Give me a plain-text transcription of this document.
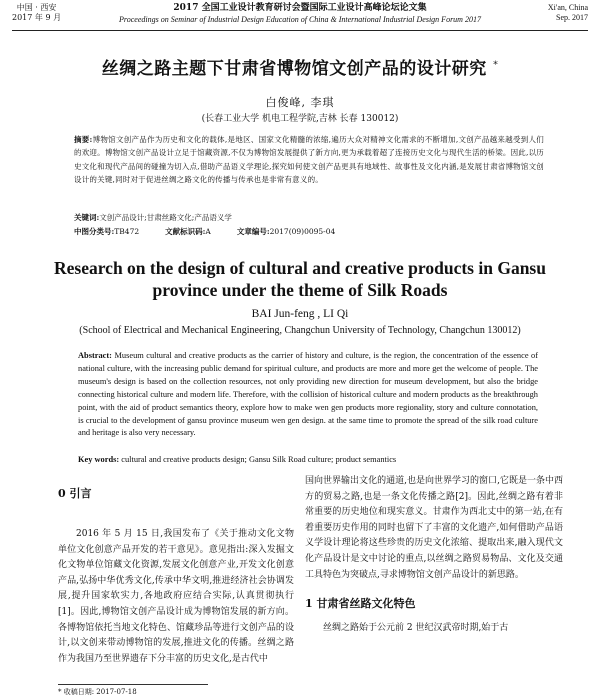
中国 · 西安
2017 年 9 月
2017 全国工业设计教育研讨会暨国际工业设计高峰论坛论文集
Proceedings on Seminar of Industrial Design Education of China & International Industrial Design Forum 2017
Xi'an, China
Sep. 2017
丝绸之路主题下甘肃省博物馆文创产品的设计研究 *
白俊峰, 李琪
(长春工业大学 机电工程学院,吉林 长春 130012)
摘要:博物馆文创产品作为历史和文化的载体,是地区、国家文化精髓的浓缩,遍历大众对精神文化需求的不断增加,文创产品越来越受到人们的欢迎。博物馆文创产品设计立足于馆藏资源,不仅为博物馆发展提供了新方向,更为承载着超了连接历史文化与现代生活的桥梁。因此,以历史文化和现代产品间的碰撞为切入点,借助产品语义学理论,探究如何使文创产品更具有地域性、故事性及文化内涵,是发展甘肃省博物馆文创设计的关键,同时对于促进丝绸之路文化的传播与传承也是非常有意义的。
关键词:文创产品设计;甘肃丝路文化;产品语义学
中图分类号:TB472	文献标识码:A	文章编号:2017(09)0095-04
Research on the design of cultural and creative products in Gansu province under the theme of Silk Roads
BAI Jun-feng , LI Qi
(School of Electrical and Mechanical Engineering, Changchun University of Technology, Changchun 130012)
Abstract: Museum cultural and creative products as the carrier of history and culture, is the region, the concentration of the essence of national culture, with the increasing public demand for spiritual culture, and products are more and more get the welcome of people. The museum's design is based on the collection resources, not only providing new direction for museum development, but also the bridge connecting historical culture and modern life. Therefore, with the collision of historical culture and modern products as the breakthrough point, with the aid of product semantics theory, explore how to make wen gen products more regionality, story and culture connotation, is crucial to the development of gansu province museum wen gen design. at the same time to promote the spread of the silk road culture and heritage is also very necessary.
Key words: cultural and creative products design; Gansu Silk Road culture; product semantics

0 引言

2016 年 5 月 15 日,我国发布了《关于推动文化文物单位文化创意产品开发的若干意见》。意见指出:深入发掘文化文物单位馆藏文化资源,发展文化创意产业,开发文化创意产品,弘扬中华优秀文化,传承中华文明,推进经济社会协调发展,提升国家软实力,各地政府应结合实际,认真贯彻执行[1]。因此,博物馆文创产品设计成为博物馆发展的新方向。各博物馆依托当地文化特色、馆藏珍品等进行文创产品的设计,以文创来带动博物馆的发展,推进文化的传播。丝绸之路作为我国乃至世界遗存下分丰富的历史文化,是古代中

国向世界输出文化的通道,也是向世界学习的窗口,它既是一条中西方的贸易之路,也是一条文化传播之路[2]。因此,丝绸之路有着非常重要的历史地位和现实意义。甘肃作为西北丈中的第一站,在有着重要历史作用的同时也留下了丰富的文化遗产,如何借助产品语义学设计理论将这些珍贵的历史文化浓缩、提取出来,融入现代文化产品设计是文中讨论的重点,以丝绸之路贸易物品、文化及交通工具特色为突破点,寻求博物馆文创产品设计的新思路。

1 甘肃省丝路文化特色

丝绸之路始于公元前 2 世纪汉武帝时期,始于古

* 收稿日期: 2017-07-18
